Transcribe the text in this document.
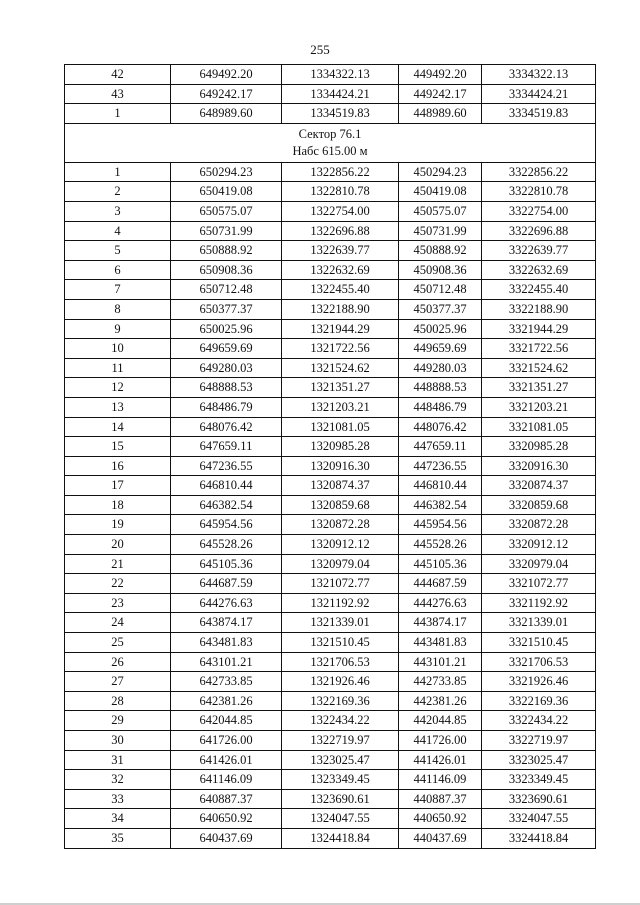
255
42	649492.20	1334322.13	449492.20	3334322.13
43	649242.17	1334424.21	449242.17	3334424.21
1	648989.60	1334519.83	448989.60	3334519.83

Сектор 76.1
Набс 615.00 м				

1	650294.23	1322856.22	450294.23	3322856.22
2	650419.08	1322810.78	450419.08	3322810.78
3	650575.07	1322754.00	450575.07	3322754.00
4	650731.99	1322696.88	450731.99	3322696.88
5	650888.92	1322639.77	450888.92	3322639.77
6	650908.36	1322632.69	450908.36	3322632.69
7	650712.48	1322455.40	450712.48	3322455.40
8	650377.37	1322188.90	450377.37	3322188.90
9	650025.96	1321944.29	450025.96	3321944.29
10	649659.69	1321722.56	449659.69	3321722.56
11	649280.03	1321524.62	449280.03	3321524.62
12	648888.53	1321351.27	448888.53	3321351.27
13	648486.79	1321203.21	448486.79	3321203.21
14	648076.42	1321081.05	448076.42	3321081.05
15	647659.11	1320985.28	447659.11	3320985.28
16	647236.55	1320916.30	447236.55	3320916.30
17	646810.44	1320874.37	446810.44	3320874.37
18	646382.54	1320859.68	446382.54	3320859.68
19	645954.56	1320872.28	445954.56	3320872.28
20	645528.26	1320912.12	445528.26	3320912.12
21	645105.36	1320979.04	445105.36	3320979.04
22	644687.59	1321072.77	444687.59	3321072.77
23	644276.63	1321192.92	444276.63	3321192.92
24	643874.17	1321339.01	443874.17	3321339.01
25	643481.83	1321510.45	443481.83	3321510.45
26	643101.21	1321706.53	443101.21	3321706.53
27	642733.85	1321926.46	442733.85	3321926.46
28	642381.26	1322169.36	442381.26	3322169.36
29	642044.85	1322434.22	442044.85	3322434.22
30	641726.00	1322719.97	441726.00	3322719.97
31	641426.01	1323025.47	441426.01	3323025.47
32	641146.09	1323349.45	441146.09	3323349.45
33	640887.37	1323690.61	440887.37	3323690.61
34	640650.92	1324047.55	440650.92	3324047.55
35	640437.69	1324418.84	440437.69	3324418.84
